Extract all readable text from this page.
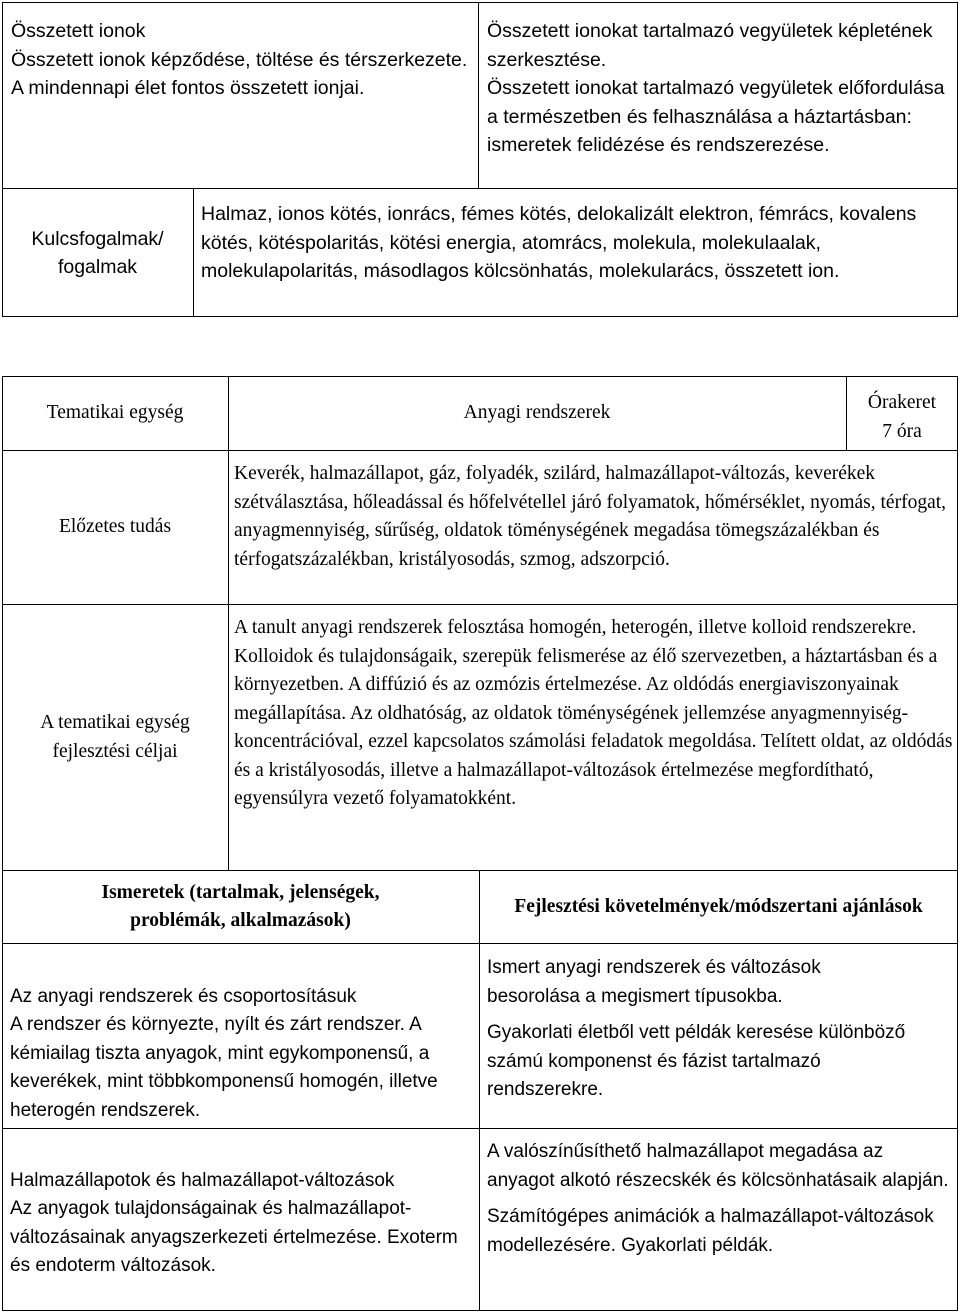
Összetett ionok

Összetett ionok képződése, töltése és térszerkezete. A mindennapi élet fontos összetett ionjai.

Összetett ionokat tartalmazó vegyületek képletének szerkesztése.

Összetett ionokat tartalmazó vegyületek előfordulása a természetben és felhasználása a háztartásban: ismeretek felidézése és rendszerezése.

Kulcsfogalmak/ fogalmak

Halmaz, ionos kötés, ionrács, fémes kötés, delokalizált elektron, fémrács, kovalens kötés, kötéspolaritás, kötési energia, atomrács, molekula, molekulaalak, molekulapolaritás, másodlagos kölcsönhatás, molekularács, összetett ion.

Tematikai egység	Anyagi rendszerek	Órakeret
7 óra
Előzetes tudás

Keverék, halmazállapot, gáz, folyadék, szilárd, halmazállapot-változás, keverékek szétválasztása, hőleadással és hőfelvétellel járó folyamatok, hőmérséklet, nyomás, térfogat, anyagmennyiség, sűrűség, oldatok töménységének megadása tömegszázalékban és térfogatszázalékban, kristályosodás, szmog, adszorpció.

A tematikai egység fejlesztési céljai

A tanult anyagi rendszerek felosztása homogén, heterogén, illetve kolloid rendszerekre. Kolloidok és tulajdonságaik, szerepük felismerése az élő szervezetben, a háztartásban és a környezetben. A diffúzió és az ozmózis értelmezése. Az oldódás energiaviszonyainak megállapítása. Az oldhatóság, az oldatok töménységének jellemzése anyagmennyiség-koncentrációval, ezzel kapcsolatos számolási feladatok megoldása. Telített oldat, az oldódás és a kristályosodás, illetve a halmazállapot-változások értelmezése megfordítható, egyensúlyra vezető folyamatokként.

Ismeretek (tartalmak, jelenségek, problémák, alkalmazások)
Fejlesztési követelmények/módszertani ajánlások

Az anyagi rendszerek és csoportosításuk
A rendszer és környezte, nyílt és zárt rendszer. A kémiailag tiszta anyagok, mint egykomponensű, a keverékek, mint többkomponensű homogén, illetve heterogén rendszerek.

Halmazállapotok és halmazállapot-változások
Az anyagok tulajdonságainak és halmazállapot-változásainak anyagszerkezeti értelmezése. Exoterm és endoterm változások.

Ismert anyagi rendszerek és változások besorolása a megismert típusokba.

Gyakorlati életből vett példák keresése különböző számú komponenst és fázist tartalmazó rendszerekre.

A valószínűsíthető halmazállapot megadása az anyagot alkotó részecskék és kölcsönhatásaik alapján.

Számítógépes animációk a halmazállapot-változások modellezésére. Gyakorlati példák.
